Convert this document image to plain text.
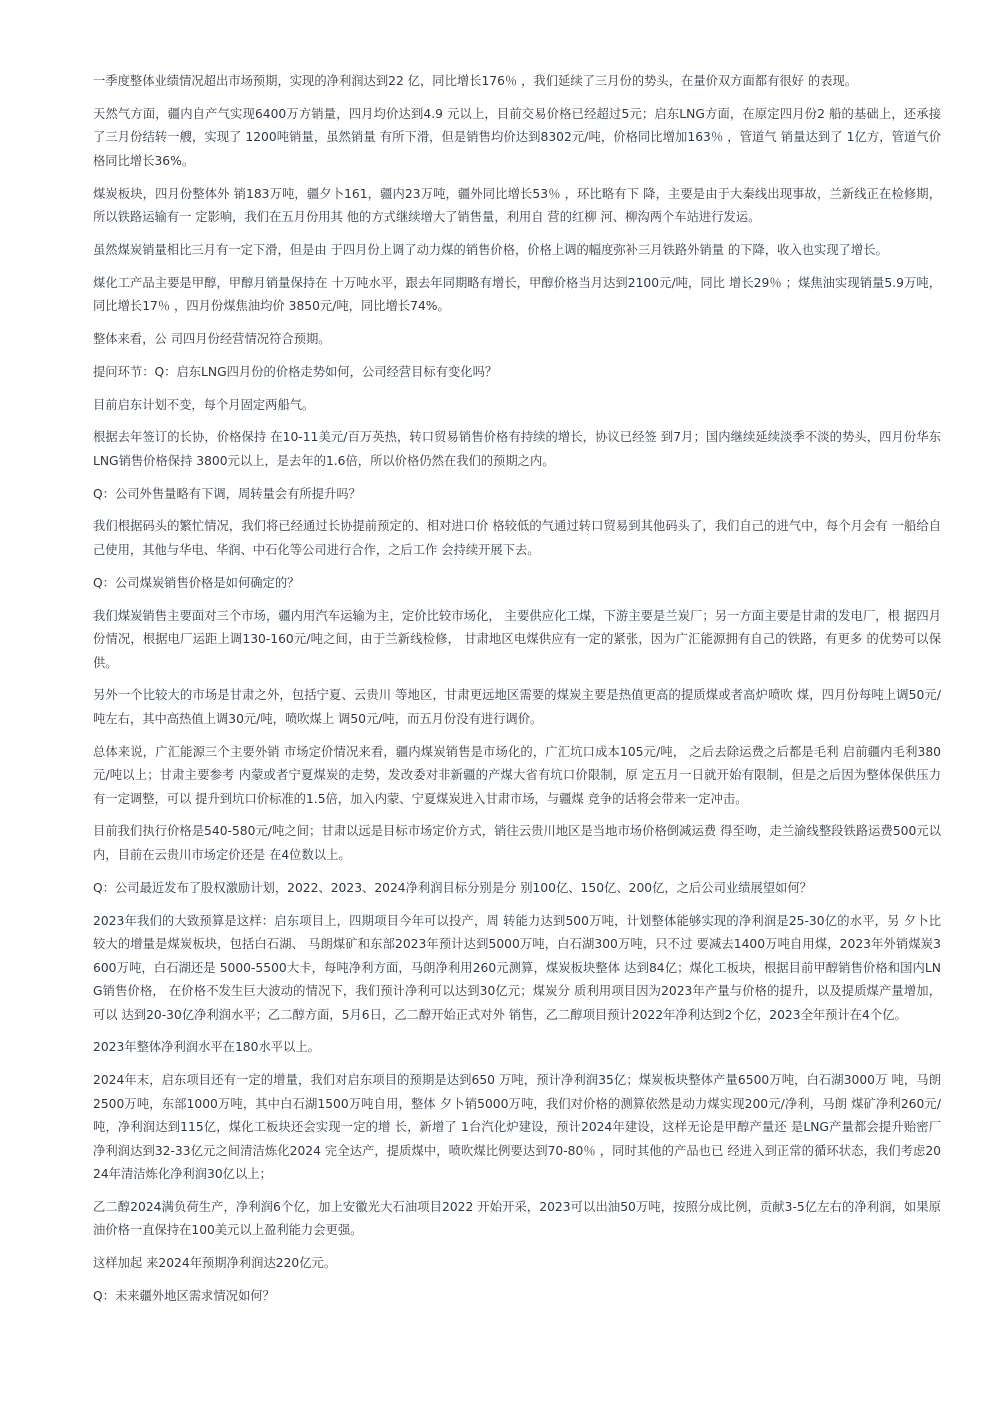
一季度整体业绩情况超出市场预期，实现的净利润达到22 亿，同比增长176％ ，我们延续了三月份的势头，在量价双方面都有很好 的表现。

天然气方面，疆内自产气实现6400万方销量，四月均价达到4.9 元以上，目前交易价格已经超过5元；启东LNG方面，在原定四月份2 船的基础上，还承接了三月份结转一艘，实现了 1200吨销量，虽然销量 有所下滑，但是销售均价达到8302元/吨，价格同比增加163％ ，管道气 销量达到了 1亿方，管道气价格同比增长36%。

煤炭板块，四月份整体外 销183万吨，疆夕卜161，疆内23万吨，疆外同比增长53％ ，环比略有下 降，主要是由于大秦线出现事故，兰新线正在检修期，所以铁路运输有一 定影响，我们在五月份用其 他的方式继续增大了销售量，利用自 营的红柳 河、柳沟两个车站进行发运。

虽然煤炭销量相比三月有一定下滑，但是由 于四月份上调了动力煤的销售价格，价格上调的幅度弥补三月铁路外销量 的下降，收入也实现了增长。

煤化工产品主要是甲醇，甲醇月销量保持在 十万吨水平，跟去年同期略有增长，甲醇价格当月达到2100元/吨，同比 增长29％ ；煤焦油实现销量5.9万吨，同比增长17％ ，四月份煤焦油均价 3850元/吨，同比增长74%。

整体来看，公 司四月份经营情况符合预期。

提问环节：Q：启东LNG四月份的价格走势如何，公司经营目标有变化吗？

目前启东计划不变，每个月固定两船气。

根据去年签订的长协，价格保持 在10-11美元/百万英热，转口贸易销售价格有持续的增长，协议已经签 到7月；国内继续延续淡季不淡的势头，四月份华东LNG销售价格保持 3800元以上，是去年的1.6倍，所以价格仍然在我们的预期之内。

Q：公司外售量略有下调，周转量会有所提升吗？

我们根据码头的繁忙情况，我们将已经通过长协提前预定的、相对进口价 格较低的气通过转口贸易到其他码头了，我们自己的进气中，每个月会有 一船给自己使用，其他与华电、华润、中石化等公司进行合作，之后工作 会持续开展下去。

Q：公司煤炭销售价格是如何确定的？

我们煤炭销售主要面对三个市场，疆内用汽车运输为主，定价比较市场化， 主要供应化工煤，下游主要是兰炭厂；另一方面主要是甘肃的发电厂，根 据四月份情况，根据电厂运距上调130-160元/吨之间，由于兰新线检修， 甘肃地区电煤供应有一定的紧张，因为广汇能源拥有自己的铁路，有更多 的优势可以保供。

另外一个比较大的市场是甘肃之外，包括宁夏、云贵川 等地区，甘肃更远地区需要的煤炭主要是热值更高的提质煤或者高炉喷吹 煤，四月份每吨上调50元/吨左右，其中高热值上调30元/吨，喷吹煤上 调50元/吨，而五月份没有进行调价。

总体来说，广汇能源三个主要外销 市场定价情况来看，疆内煤炭销售是市场化的，广汇坑口成本105元/吨， 之后去除运费之后都是毛利 启前疆内毛利380元/吨以上；甘肃主要参考 内蒙或者宁夏煤炭的走势，发改委对非新疆的产煤大省有坑口价限制，原 定五月一日就开始有限制，但是之后因为整体保供压力有一定调整，可以 提升到坑口价标准的1.5倍，加入内蒙、宁夏煤炭进入甘肃市场，与疆煤 竞争的话将会带来一定冲击。

目前我们执行价格是540-580元/吨之间；甘肃以远是目标市场定价方式，销往云贵川地区是当地市场价格倒减运费 得至吻，走兰渝线整段铁路运费500元以内，目前在云贵川市场定价还是 在4位数以上。

Q：公司最近发布了股权激励计划，2022、2023、2024净利润目标分别是分 别100亿、150亿、200亿，之后公司业绩展望如何？

2023年我们的大致预算是这样：启东项目上，四期项目今年可以投产，周 转能力达到500万吨，计划整体能够实现的净利润是25-30亿的水平，另 夕卜比较大的增量是煤炭板块，包括白石湖、 马朗煤矿和东部2023年预计达到5000万吨，白石湖300万吨，只不过 要减去1400万吨自用煤，2023年外销煤炭3600万吨，白石湖还是 5000-5500大卡，每吨净利方面，马朗净利用260元测算，煤炭板块整体 达到84亿；煤化工板块，根据目前甲醇销售价格和国内LNG销售价格， 在价格不发生巨大波动的情况下，我们预计净利可以达到30亿元；煤炭分 质利用项目因为2023年产量与价格的提升，以及提质煤产量增加，可以 达到20-30亿净利润水平；乙二醇方面，5月6日，乙二醇开始正式对外 销售，乙二醇项目预计2022年净利达到2个亿，2023全年预计在4个亿。

2023年整体净利润水平在180水平以上。

2024年末，启东项目还有一定的增量，我们对启东项目的预期是达到650 万吨，预计净利润35亿；煤炭板块整体产量6500万吨，白石湖3000万 吨，马朗2500万吨，东部1000万吨，其中白石湖1500万吨自用，整体 夕卜销5000万吨，我们对价格的测算依然是动力煤实现200元/净利，马朗 煤矿净利260元/吨，净利润达到115亿，煤化工板块还会实现一定的增 长，新增了 1台汽化炉建设，预计2024年建设，这样无论是甲醇产量还 是LNG产量都会提升贻密厂净利润达到32-33亿元之间清洁炼化2024 完全达产，提质煤中，喷吹煤比例要达到70-80％ ，同时其他的产品也已 经进入到正常的循环状态，我们考虑2024年清洁炼化净利润30亿以上；

乙二醇2024满负荷生产，净利润6个亿，加上安徽光大石油项目2022 开始开采，2023可以出油50万吨，按照分成比例，贡献3-5亿左右的净利润，如果原油价格一直保持在100美元以上盈利能力会更强。

这样加起 来2024年预期净利润达220亿元。

Q：未来疆外地区需求情况如何？
